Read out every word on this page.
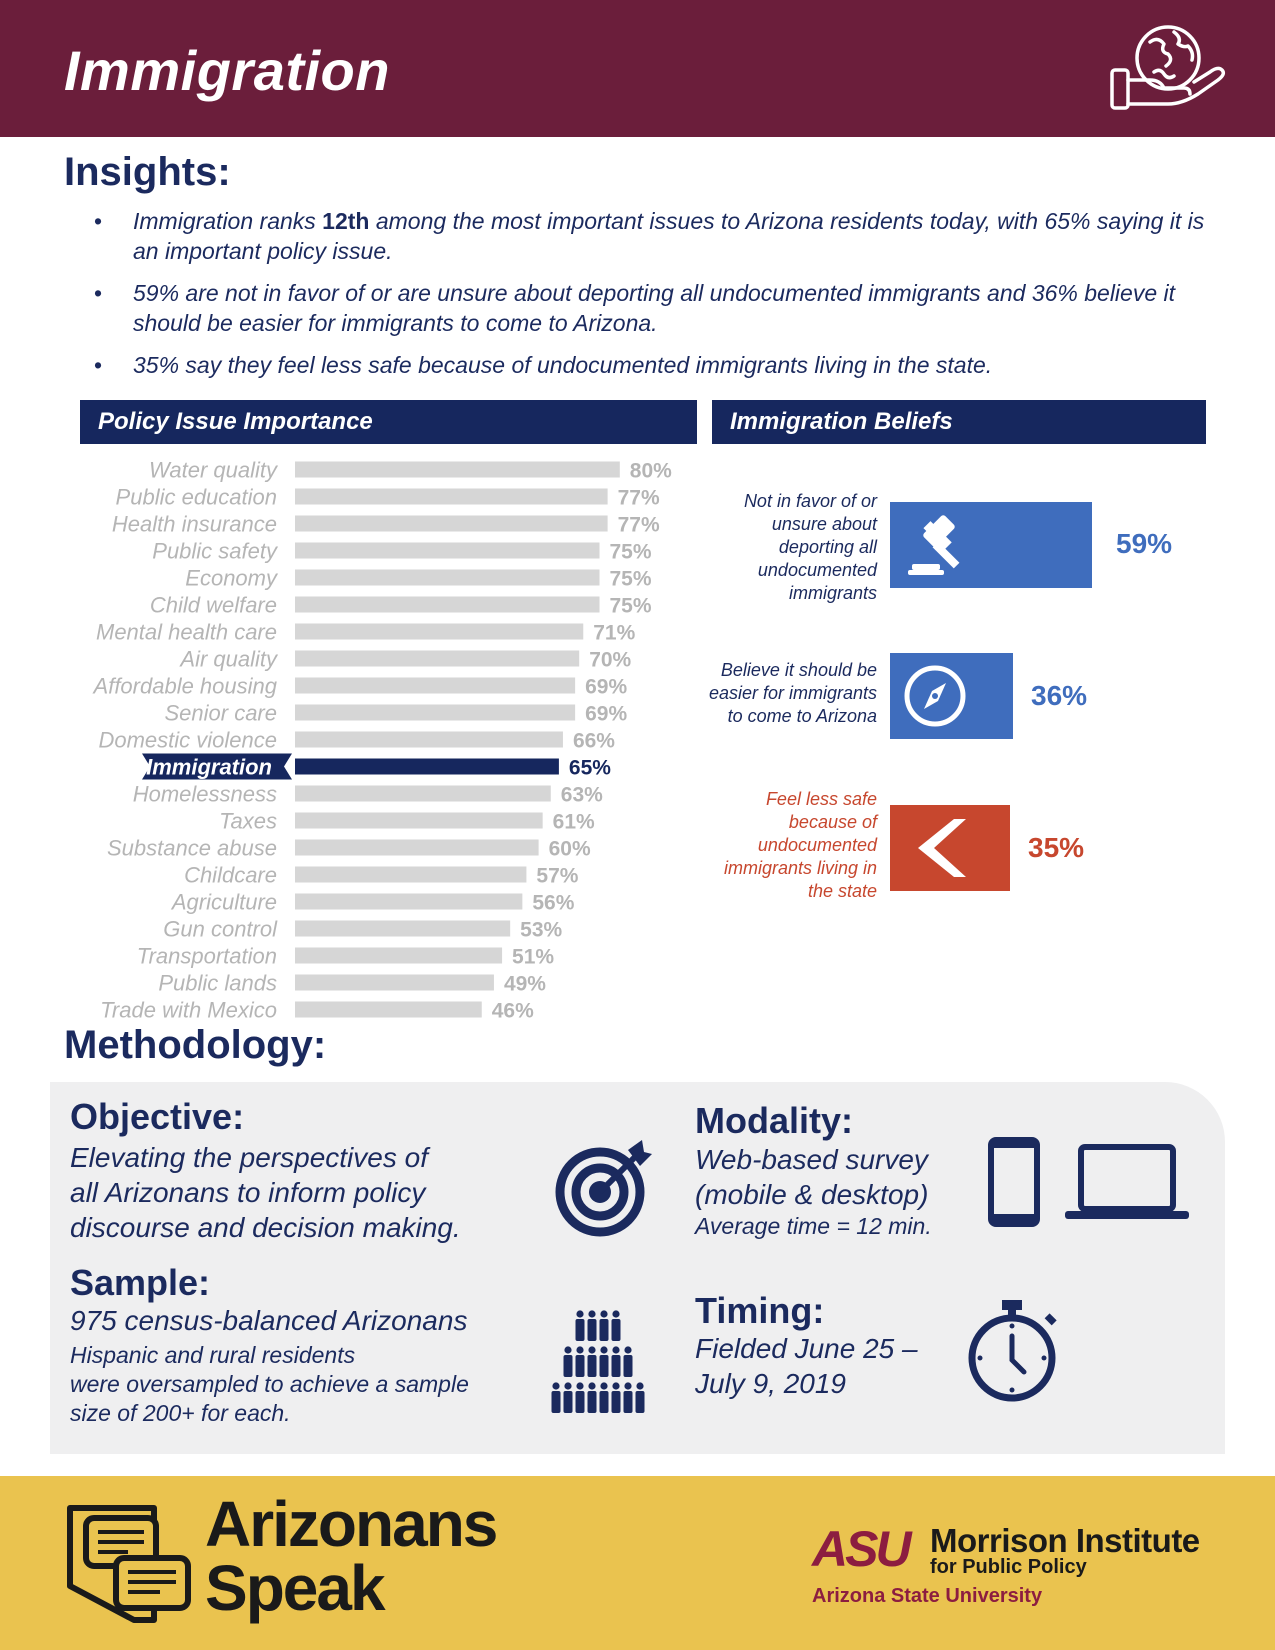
Immigration
Insights:
• Immigration ranks 12th among the most important issues to Arizona residents today, with 65% saying it is an important policy issue.
• 59% are not in favor of or are unsure about deporting all undocumented immigrants and 36% believe it should be easier for immigrants to come to Arizona.
• 35% say they feel less safe because of undocumented immigrants living in the state.
Policy Issue Importance	Immigration Beliefs
Water quality	80%
Public education	77%
Health insurance	77%
Public safety	75%
Economy	75%
Child welfare	75%
Mental health care	71%
Air quality	70%
Affordable housing	69%
Senior care	69%
Domestic violence	66%
Immigration	65%
Homelessness	63%
Taxes	61%
Substance abuse	60%
Childcare	57%
Agriculture	56%
Gun control	53%
Transportation	51%
Public lands	49%
Trade with Mexico	46%
Not in favor of or
unsure about
deporting all
undocumented
immigrants
59%
Believe it should be
easier for immigrants
to come to Arizona
36%
Feel less safe
because of
undocumented
immigrants living in
the state
35%
Methodology:
Objective:
Elevating the perspectives of
all Arizonans to inform policy
discourse and decision making.
Modality:
Web-based survey
(mobile & desktop)
Average time = 12 min.
Sample:
975 census-balanced Arizonans
Hispanic and rural residents
were oversampled to achieve a sample
size of 200+ for each.
Timing:
Fielded June 25 –
July 9, 2019
Arizonans
Speak
ASU Morrison Institute
for Public Policy
Arizona State University
